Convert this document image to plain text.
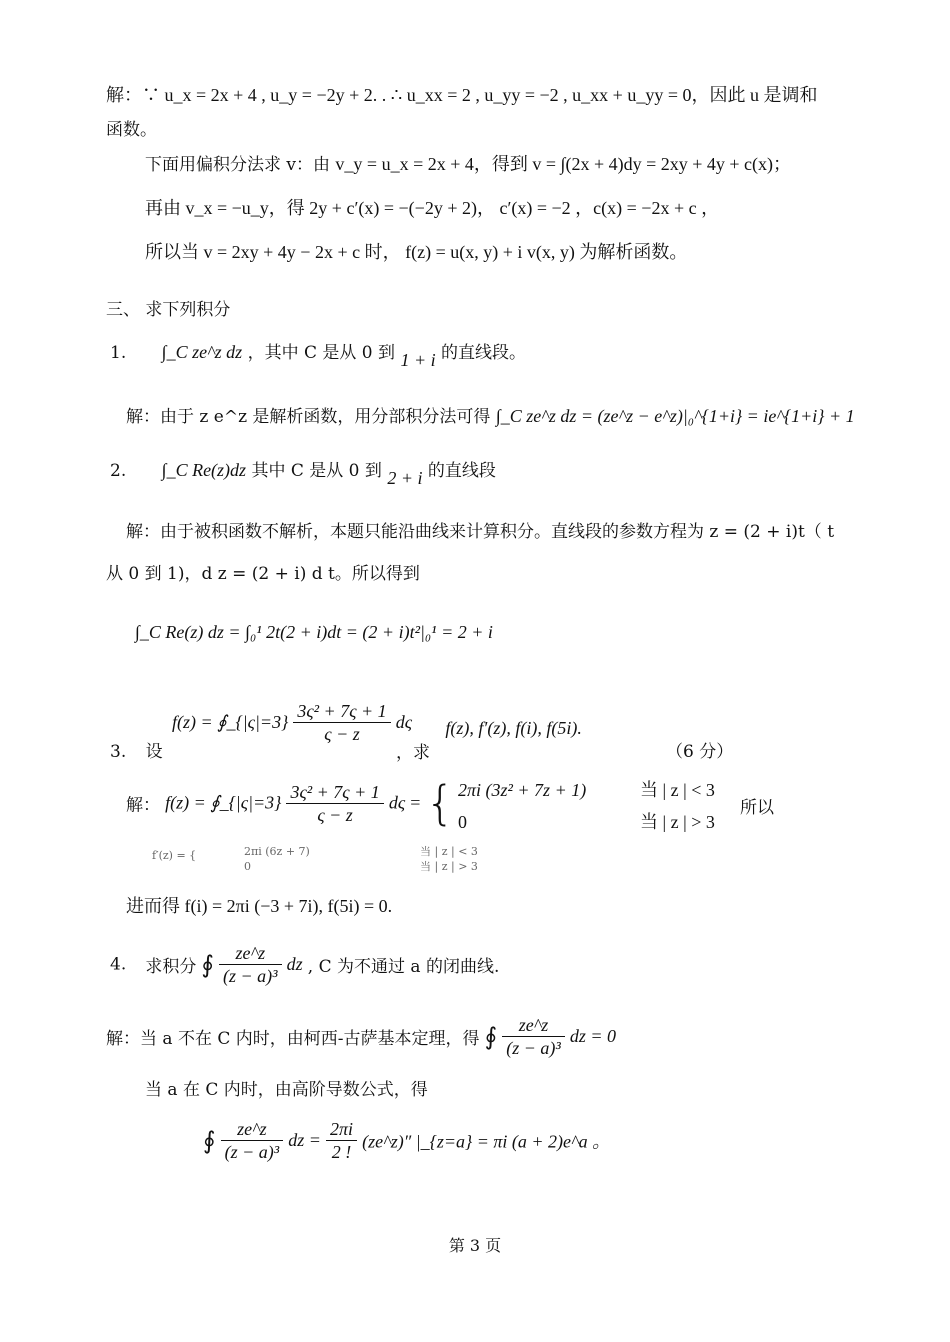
解：∵ u_x = 2x + 4 , u_y = −2y + 2. . ∴ u_xx = 2 , u_yy = −2 , u_xx + u_yy = 0，因此 u 是调和
函数。
下面用偏积分法求 v：由 v_y = u_x = 2x + 4，得到 v = ∫(2x + 4)dy = 2xy + 4y + c(x)；
再由 v_x = −u_y，得 2y + c′(x) = −(−2y + 2)， c′(x) = −2 ，c(x) = −2x + c ，
所以当 v = 2xy + 4y − 2x + c 时， f(z) = u(x, y) + i v(x, y) 为解析函数。
三、 求下列积分
1. ∫_C ze^z dz ，其中 C 是从 0 到 1 + i 的直线段。
解：由于 z e^z 是解析函数，用分部积分法可得 ∫_C ze^z dz = (ze^z − e^z)|₀^{1+i} = ie^{1+i} + 1
2. ∫_C Re(z)dz 其中 C 是从 0 到 2 + i 的直线段
解：由于被积函数不解析，本题只能沿曲线来计算积分。直线段的参数方程为 z = (2 + i)t（ t
从 0 到 1)，d z = (2 + i) d t。所以得到
∫_C Re(z) dz = ∫₀¹ 2t(2 + i)dt = (2 + i)t²|₀¹ = 2 + i
f(z) = ∮_{|ς|=3} $\frac{\text{3ς² + 7ς + 1}}{\varsigma - z}$ dς
3. 设	，求 f(z), f′(z), f(i), f(5i).
（6 分）
解： f(z) = ∮_{|ς|=3} $\frac{\text{3ς² + 7ς + 1}}{\varsigma - z}$ dς = { 2πi (3z² + 7z + 1)	当 | z | < 3
所以
0	当 | z | > 3
f′(z) = {	2πi (6z + 7)	当 | z | < 3
0	当 | z | > 3
进而得 f(i) = 2πi (−3 + 7i), f(5i) = 0.
4. 求积分 ∮ $\frac{ze\^{}z}{\text{(z − a)³}}$ dz , C 为不通过 a 的闭曲线.
解：当 a 不在 C 内时，由柯西-古萨基本定理，得 ∮ $\frac{ze\^{}z}{\text{(z − a)³}}$ dz = 0
当 a 在 C 内时，由高阶导数公式，得
∮ $\frac{ze\^{}z}{\text{(z − a)³}}$ dz = $\frac{2\pi i}{2 !}$ (ze^z)″ |_{z=a} = πi (a + 2)e^a 。
第 3 页
